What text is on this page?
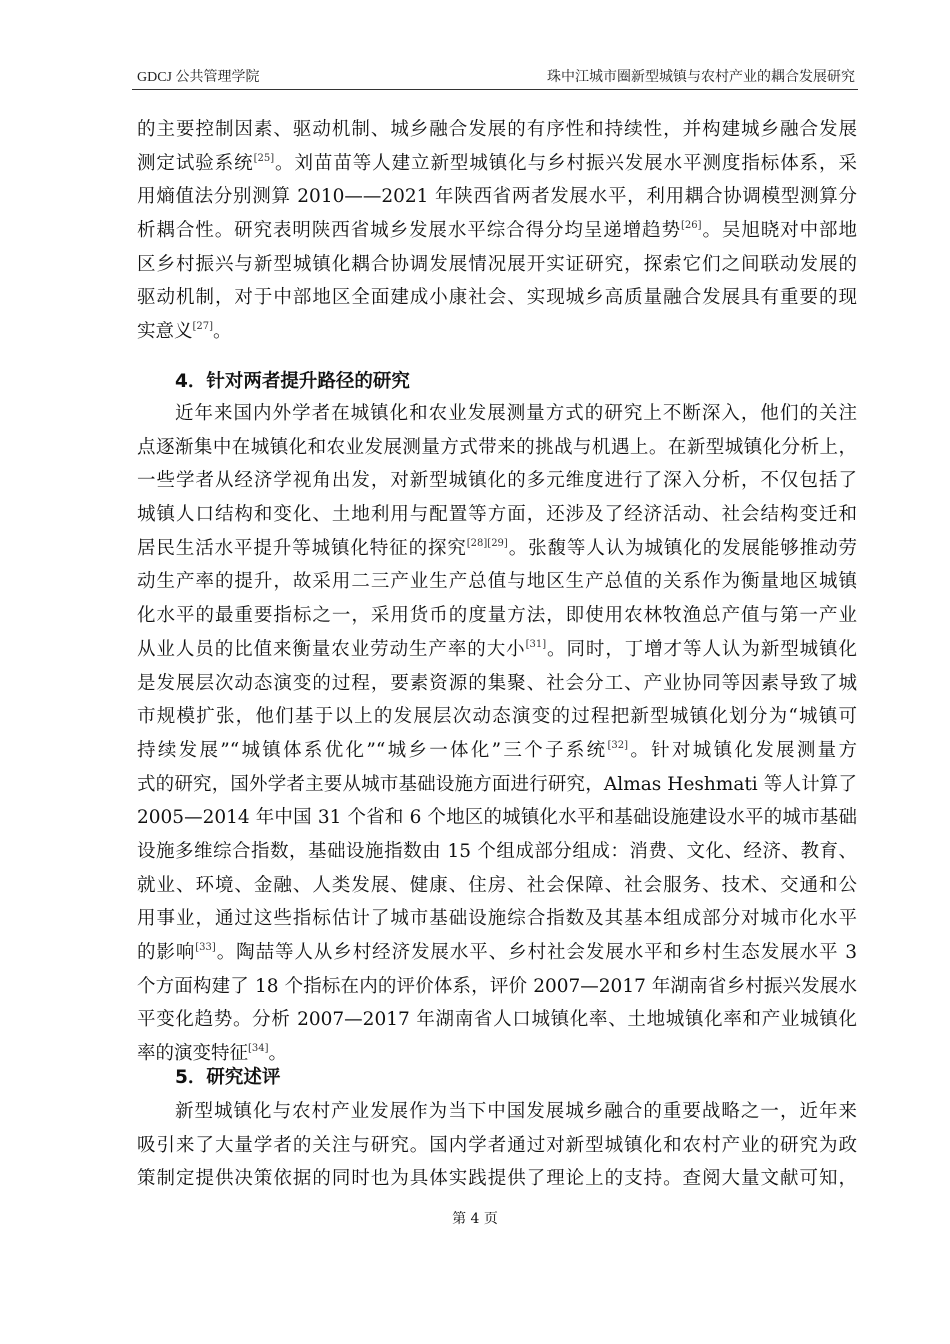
GDCJ 公共管理学院	珠中江城市圈新型城镇与农村产业的耦合发展研究
的主要控制因素、驱动机制、城乡融合发展的有序性和持续性，并构建城乡融合发展
测定试验系统[25]。刘苗苗等人建立新型城镇化与乡村振兴发展水平测度指标体系，采
用熵值法分别测算 2010——2021 年陕西省两者发展水平，利用耦合协调模型测算分
析耦合性。研究表明陕西省城乡发展水平综合得分均呈递增趋势[26]。吴旭晓对中部地
区乡村振兴与新型城镇化耦合协调发展情况展开实证研究，探索它们之间联动发展的
驱动机制，对于中部地区全面建成小康社会、实现城乡高质量融合发展具有重要的现
实意义[27]。
4．针对两者提升路径的研究
近年来国内外学者在城镇化和农业发展测量方式的研究上不断深入，他们的关注
点逐渐集中在城镇化和农业发展测量方式带来的挑战与机遇上。在新型城镇化分析上，
一些学者从经济学视角出发，对新型城镇化的多元维度进行了深入分析，不仅包括了
城镇人口结构和变化、土地利用与配置等方面，还涉及了经济活动、社会结构变迁和
居民生活水平提升等城镇化特征的探究[28][29]。张馥等人认为城镇化的发展能够推动劳
动生产率的提升，故采用二三产业生产总值与地区生产总值的关系作为衡量地区城镇
化水平的最重要指标之一，采用货币的度量方法，即使用农林牧渔总产值与第一产业
从业人员的比值来衡量农业劳动生产率的大小[31]。同时，丁增才等人认为新型城镇化
是发展层次动态演变的过程，要素资源的集聚、社会分工、产业协同等因素导致了城
市规模扩张，他们基于以上的发展层次动态演变的过程把新型城镇化划分为“城镇可
持续发展”“城镇体系优化”“城乡一体化”三个子系统[32]。针对城镇化发展测量方
式的研究，国外学者主要从城市基础设施方面进行研究，Almas Heshmati 等人计算了
2005—2014 年中国 31 个省和 6 个地区的城镇化水平和基础设施建设水平的城市基础
设施多维综合指数，基础设施指数由 15 个组成部分组成：消费、文化、经济、教育、
就业、环境、金融、人类发展、健康、住房、社会保障、社会服务、技术、交通和公
用事业，通过这些指标估计了城市基础设施综合指数及其基本组成部分对城市化水平
的影响[33]。陶喆等人从乡村经济发展水平、乡村社会发展水平和乡村生态发展水平 3
个方面构建了 18 个指标在内的评价体系，评价 2007—2017 年湖南省乡村振兴发展水
平变化趋势。分析 2007—2017 年湖南省人口城镇化率、土地城镇化率和产业城镇化
率的演变特征[34]。
5．研究述评
新型城镇化与农村产业发展作为当下中国发展城乡融合的重要战略之一，近年来
吸引来了大量学者的关注与研究。国内学者通过对新型城镇化和农村产业的研究为政
策制定提供决策依据的同时也为具体实践提供了理论上的支持。查阅大量文献可知，
第 4 页
